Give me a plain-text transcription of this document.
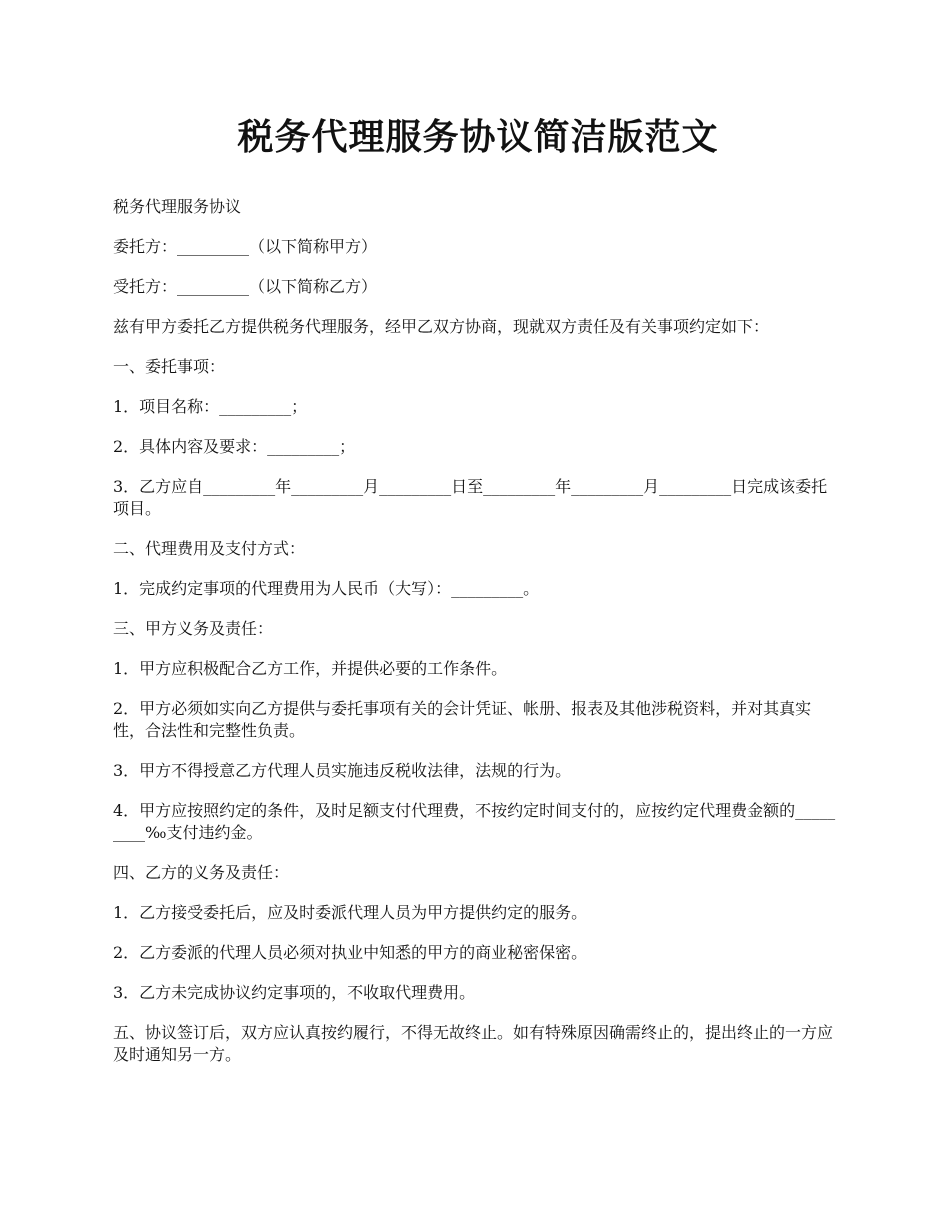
税务代理服务协议简洁版范文

税务代理服务协议

委托方：_________（以下简称甲方）

受托方：_________（以下简称乙方）

兹有甲方委托乙方提供税务代理服务，经甲乙双方协商，现就双方责任及有关事项约定如下：

一、委托事项：

1．项目名称：_________；

2．具体内容及要求：_________；

3．乙方应自_________年_________月_________日至_________年_________月_________日完成该委托项目。

二、代理费用及支付方式：

1．完成约定事项的代理费用为人民币（大写）：_________。

三、甲方义务及责任：

1．甲方应积极配合乙方工作，并提供必要的工作条件。

2．甲方必须如实向乙方提供与委托事项有关的会计凭证、帐册、报表及其他涉税资料，并对其真实性，合法性和完整性负责。

3．甲方不得授意乙方代理人员实施违反税收法律，法规的行为。

4．甲方应按照约定的条件，及时足额支付代理费，不按约定时间支付的，应按约定代理费金额的_________‰支付违约金。

四、乙方的义务及责任：

1．乙方接受委托后，应及时委派代理人员为甲方提供约定的服务。

2．乙方委派的代理人员必须对执业中知悉的甲方的商业秘密保密。

3．乙方未完成协议约定事项的，不收取代理费用。

五、协议签订后，双方应认真按约履行，不得无故终止。如有特殊原因确需终止的，提出终止的一方应及时通知另一方。
